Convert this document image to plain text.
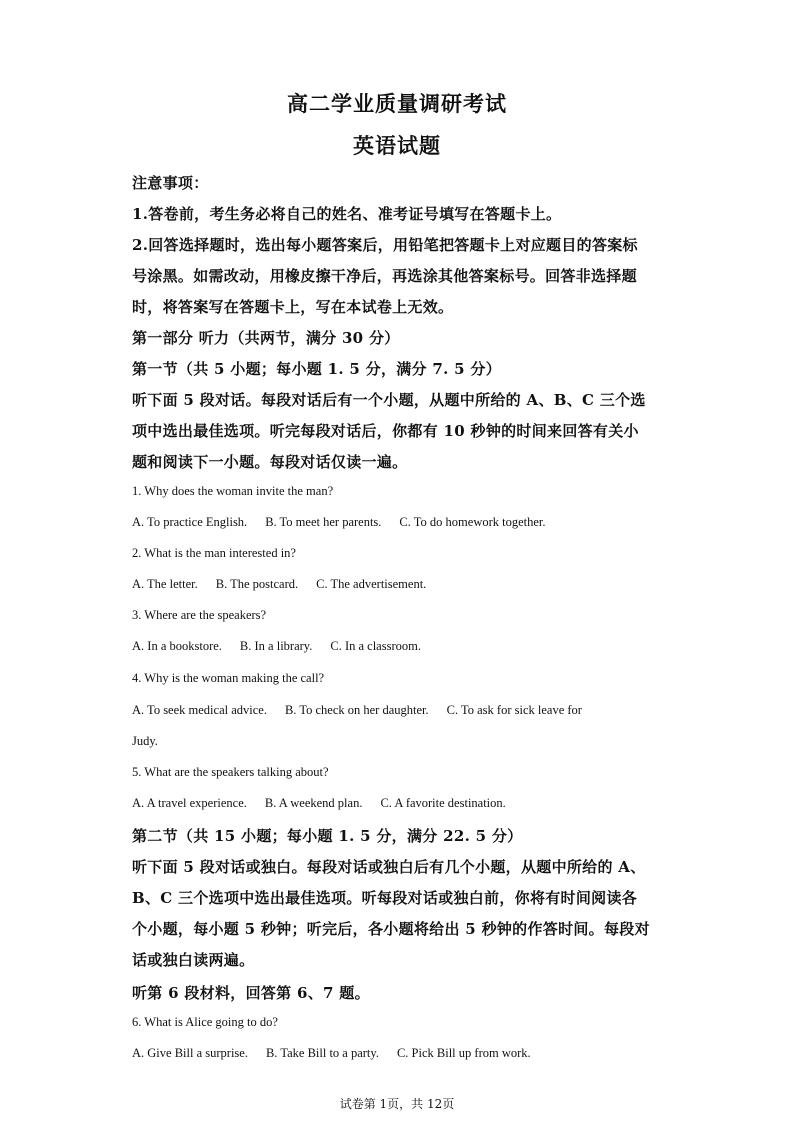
高二学业质量调研考试
英语试题
注意事项：
1.答卷前，考生务必将自己的姓名、准考证号填写在答题卡上。
2.回答选择题时，选出每小题答案后，用铅笔把答题卡上对应题目的答案标
号涂黑。如需改动，用橡皮擦干净后，再选涂其他答案标号。回答非选择题
时，将答案写在答题卡上，写在本试卷上无效。
第一部分 听力（共两节，满分 30 分）
第一节（共 5 小题；每小题 1. 5 分，满分 7. 5 分）
听下面 5 段对话。每段对话后有一个小题，从题中所给的 A、B、C 三个选
项中选出最佳选项。听完每段对话后，你都有 10 秒钟的时间来回答有关小
题和阅读下一小题。每段对话仅读一遍。
1. Why does the woman invite the man?
A. To practice English. B. To meet her parents. C. To do homework together.
2. What is the man interested in?
A. The letter. B. The postcard. C. The advertisement.
3. Where are the speakers?
A. In a bookstore. B. In a library. C. In a classroom.
4. Why is the woman making the call?
A. To seek medical advice. B. To check on her daughter. C. To ask for sick leave for
Judy.
5. What are the speakers talking about?
A. A travel experience. B. A weekend plan. C. A favorite destination.
第二节（共 15 小题；每小题 1. 5 分，满分 22. 5 分）
听下面 5 段对话或独白。每段对话或独白后有几个小题，从题中所给的 A、
B、C 三个选项中选出最佳选项。听每段对话或独白前，你将有时间阅读各
个小题，每小题 5 秒钟；听完后，各小题将给出 5 秒钟的作答时间。每段对
话或独白读两遍。
听第 6 段材料，回答第 6、7 题。
6. What is Alice going to do?
A. Give Bill a surprise. B. Take Bill to a party. C. Pick Bill up from work.
试卷第 1页，共 12页
